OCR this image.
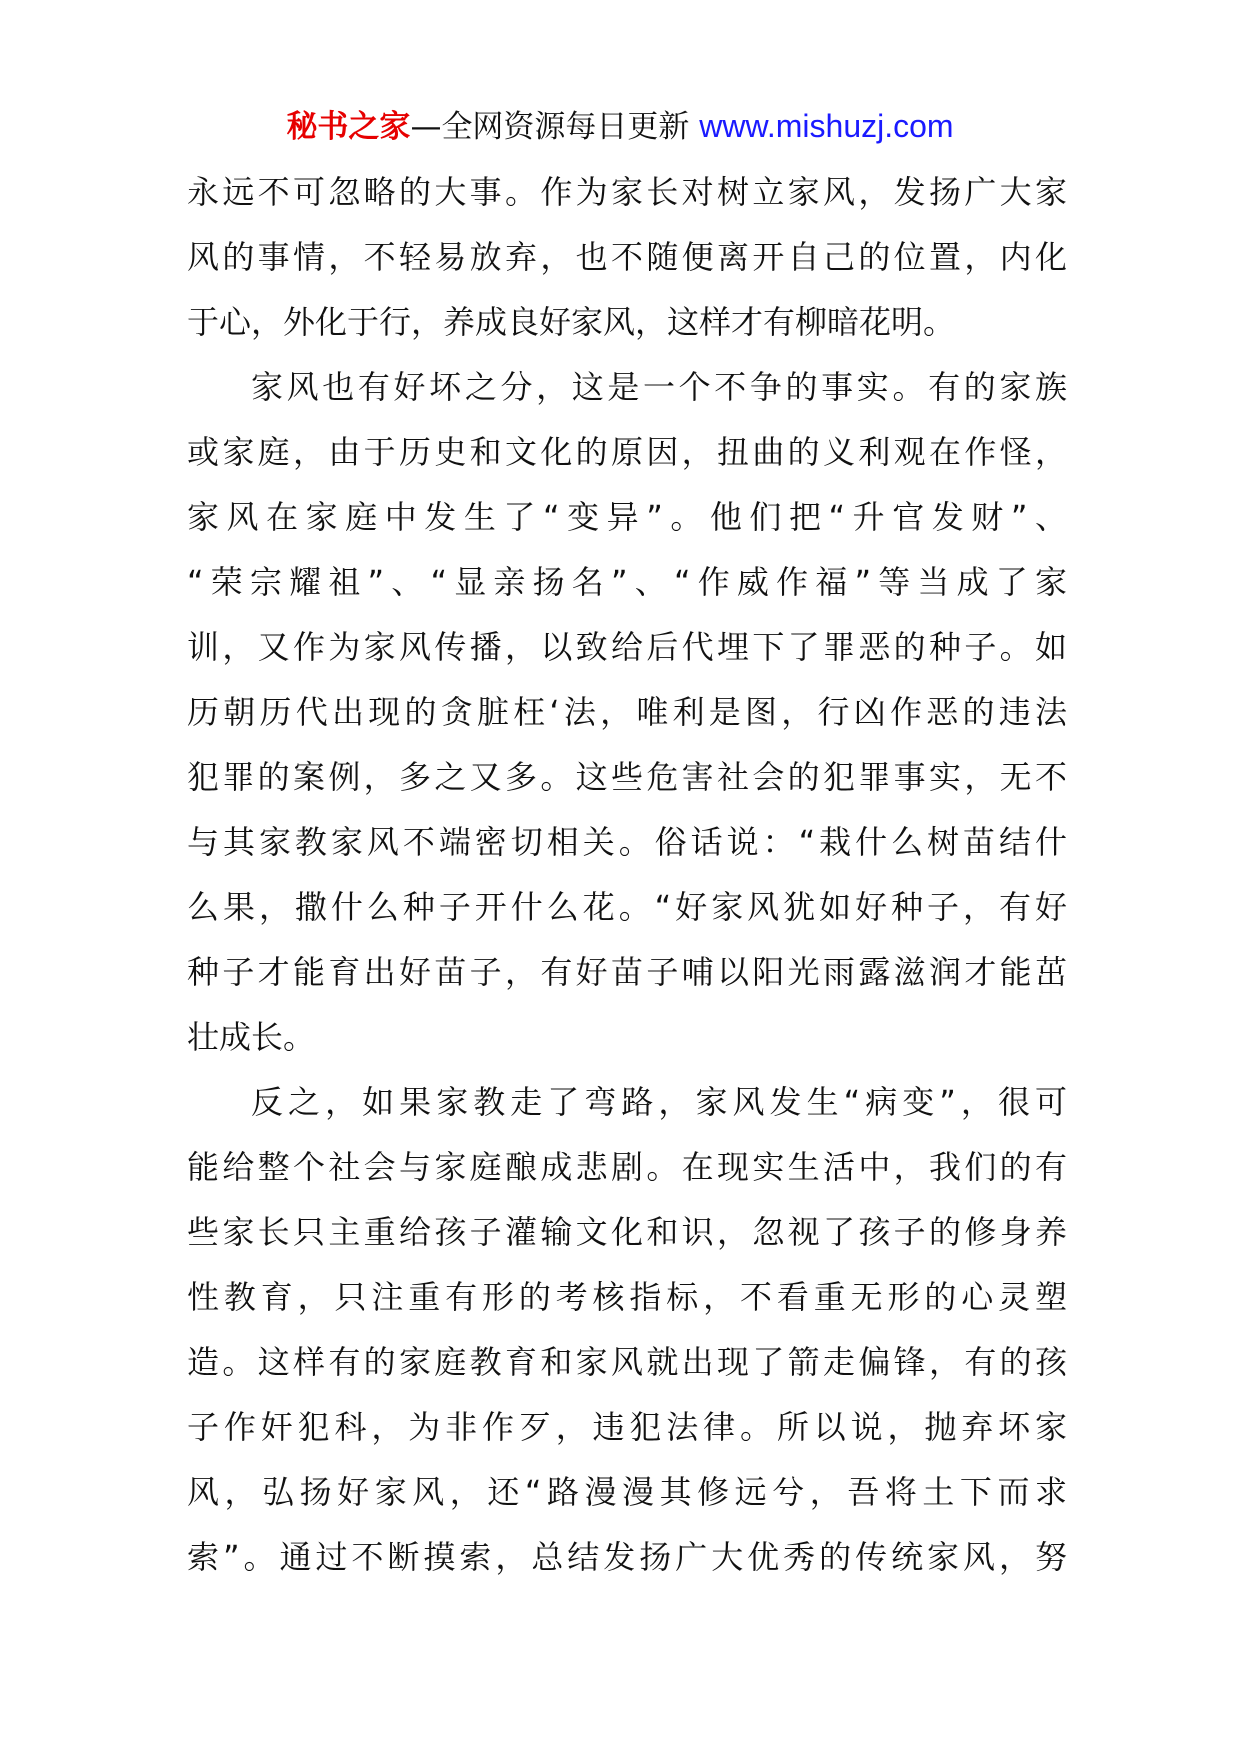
秘书之家—全网资源每日更新 www.mishuzj.com
永远不可忽略的大事。作为家长对树立家风，发扬广大家
风的事情，不轻易放弃，也不随便离开自己的位置，内化
于心，外化于行，养成良好家风，这样才有柳暗花明。
家风也有好坏之分，这是一个不争的事实。有的家族
或家庭，由于历史和文化的原因，扭曲的义利观在作怪，
家风在家庭中发生了“变异”。他们把“升官发财”、
“荣宗耀祖”、“显亲扬名”、“作威作福”等当成了家
训，又作为家风传播，以致给后代埋下了罪恶的种子。如
历朝历代出现的贪脏枉‘法，唯利是图，行凶作恶的违法
犯罪的案例，多之又多。这些危害社会的犯罪事实，无不
与其家教家风不端密切相关。俗话说：“栽什么树苗结什
么果，撒什么种子开什么花。“好家风犹如好种子，有好
种子才能育出好苗子，有好苗子哺以阳光雨露滋润才能茁
壮成长。
反之，如果家教走了弯路，家风发生“病变”，很可
能给整个社会与家庭酿成悲剧。在现实生活中，我们的有
些家长只主重给孩子灌输文化和识，忽视了孩子的修身养
性教育，只注重有形的考核指标，不看重无形的心灵塑
造。这样有的家庭教育和家风就出现了箭走偏锋，有的孩
子作奸犯科，为非作歹，违犯法律。所以说，抛弃坏家
风，弘扬好家风，还“路漫漫其修远兮，吾将土下而求
索”。通过不断摸索，总结发扬广大优秀的传统家风，努
